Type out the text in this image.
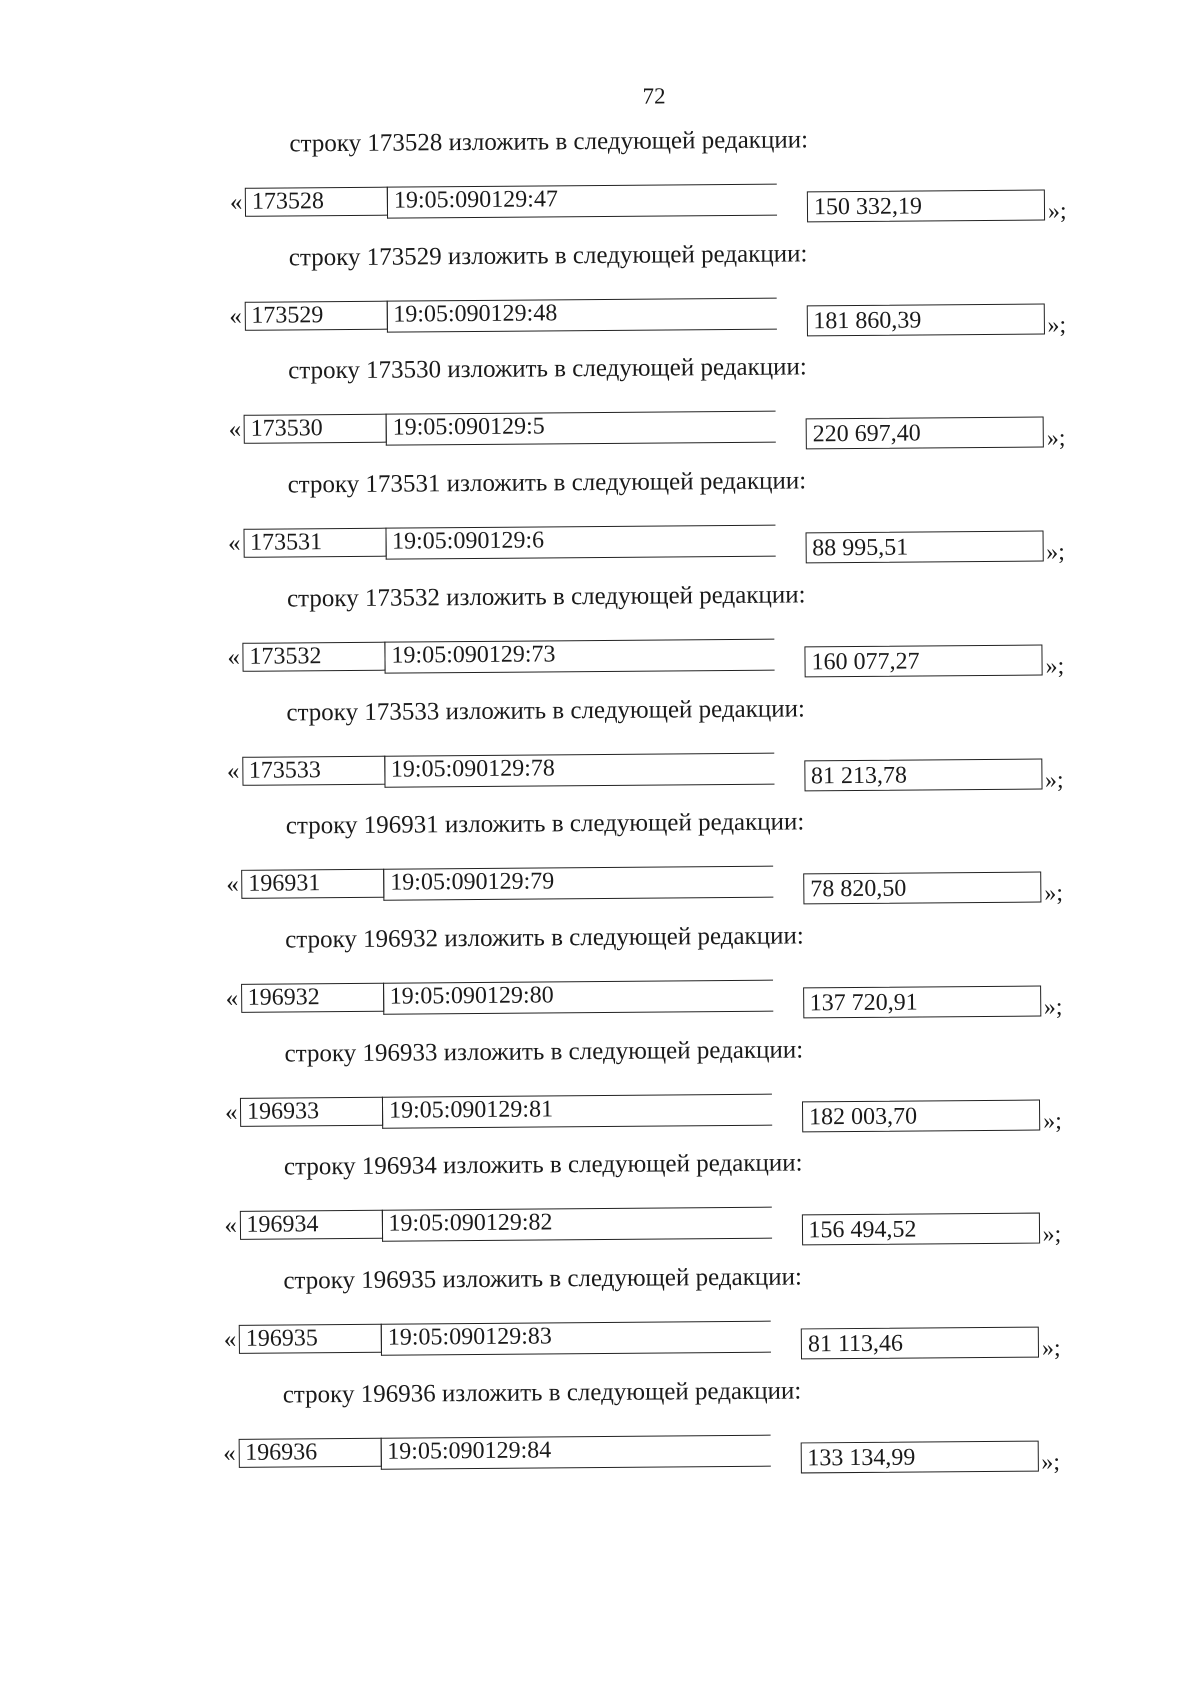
72
строку 173528 изложить в следующей редакции:
« 173528	19:05:090129:47	150 332,19	»;
строку 173529 изложить в следующей редакции:
« 173529	19:05:090129:48	181 860,39	»;
строку 173530 изложить в следующей редакции:
« 173530	19:05:090129:5	220 697,40	»;
строку 173531 изложить в следующей редакции:
« 173531	19:05:090129:6	88 995,51	»;
строку 173532 изложить в следующей редакции:
« 173532	19:05:090129:73	160 077,27	»;
строку 173533 изложить в следующей редакции:
« 173533	19:05:090129:78	81 213,78	»;
строку 196931 изложить в следующей редакции:
« 196931	19:05:090129:79	78 820,50	»;
строку 196932 изложить в следующей редакции:
« 196932	19:05:090129:80	137 720,91	»;
строку 196933 изложить в следующей редакции:
« 196933	19:05:090129:81	182 003,70	»;
строку 196934 изложить в следующей редакции:
« 196934	19:05:090129:82	156 494,52	»;
строку 196935 изложить в следующей редакции:
« 196935	19:05:090129:83	81 113,46	»;
строку 196936 изложить в следующей редакции:
« 196936	19:05:090129:84	133 134,99	»;
